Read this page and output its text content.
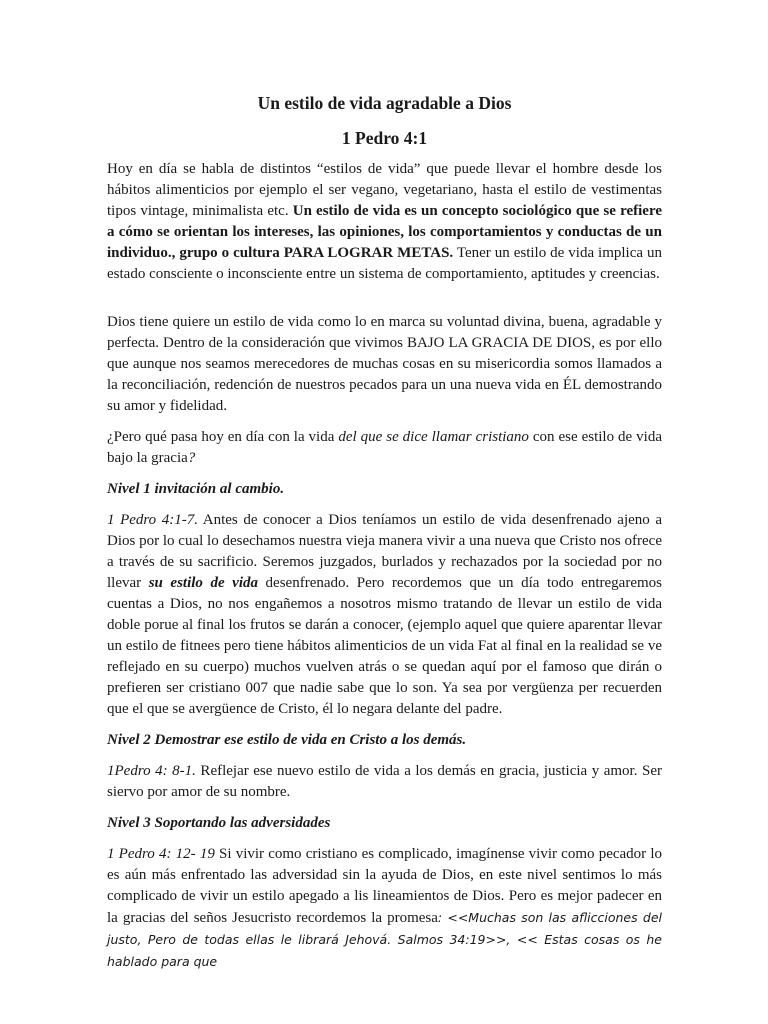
Un estilo de vida agradable a Dios
1 Pedro 4:1

Hoy en día se habla de distintos “estilos de vida” que puede llevar el hombre desde los hábitos alimenticios por ejemplo el ser vegano, vegetariano, hasta el estilo de vestimentas tipos vintage, minimalista etc. Un estilo de vida es un concepto sociológico que se refiere a cómo se orientan los intereses, las opiniones, los comportamientos y conductas de un individuo., grupo o cultura PARA LOGRAR METAS. Tener un estilo de vida implica un estado consciente o inconsciente entre un sistema de comportamiento, aptitudes y creencias.

Dios tiene quiere un estilo de vida como lo en marca su voluntad divina, buena, agradable y perfecta. Dentro de la consideración que vivimos BAJO LA GRACIA DE DIOS, es por ello que aunque nos seamos merecedores de muchas cosas en su misericordia somos llamados a la reconciliación, redención de nuestros pecados para un una nueva vida en ÉL demostrando su amor y fidelidad.

¿Pero qué pasa hoy en día con la vida del que se dice llamar cristiano con ese estilo de vida bajo la gracia?

Nivel 1 invitación al cambio.

1 Pedro 4:1-7. Antes de conocer a Dios teníamos un estilo de vida desenfrenado ajeno a Dios por lo cual lo desechamos nuestra vieja manera vivir a una nueva que Cristo nos ofrece a través de su sacrificio. Seremos juzgados, burlados y rechazados por la sociedad por no llevar su estilo de vida desenfrenado. Pero recordemos que un día todo entregaremos cuentas a Dios, no nos engañemos a nosotros mismo tratando de llevar un estilo de vida doble porue al final los frutos se darán a conocer, (ejemplo aquel que quiere aparentar llevar un estilo de fitnees pero tiene hábitos alimenticios de un vida Fat al final en la realidad se ve reflejado en su cuerpo) muchos vuelven atrás o se quedan aquí por el famoso que dirán o prefieren ser cristiano 007 que nadie sabe que lo son. Ya sea por vergüenza per recuerden que el que se avergüence de Cristo, él lo negara delante del padre.

Nivel 2 Demostrar ese estilo de vida en Cristo a los demás.

1Pedro 4: 8-1. Reflejar ese nuevo estilo de vida a los demás en gracia, justicia y amor. Ser siervo por amor de su nombre.

Nivel 3 Soportando las adversidades

1 Pedro 4: 12- 19 Si vivir como cristiano es complicado, imagínense vivir como pecador lo es aún más enfrentado las adversidad sin la ayuda de Dios, en este nivel sentimos lo más complicado de vivir un estilo apegado a lis lineamientos de Dios. Pero es mejor padecer en la gracias del seños Jesucristo recordemos la promesa: <<Muchas son las aflicciones del justo, Pero de todas ellas le librará Jehová. Salmos 34:19>>, << Estas cosas os he hablado para que
